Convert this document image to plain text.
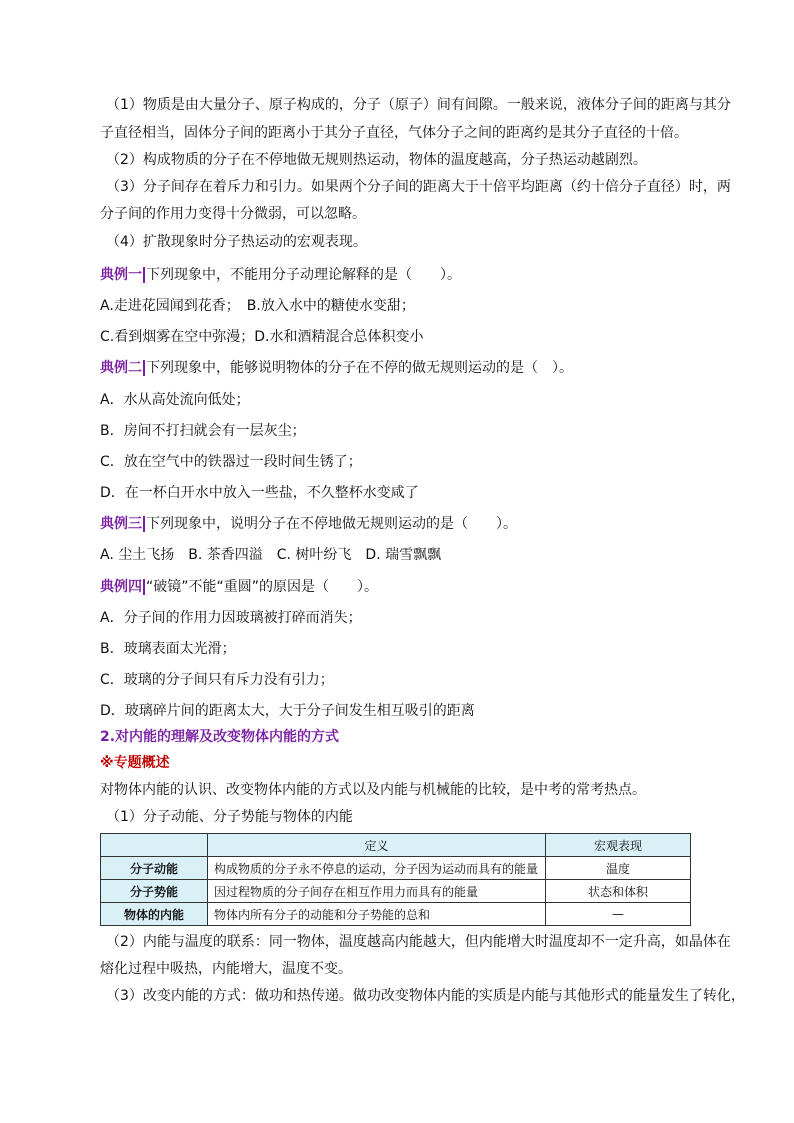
（1）物质是由大量分子、原子构成的，分子（原子）间有间隙。一般来说，液体分子间的距离与其分
子直径相当，固体分子间的距离小于其分子直径，气体分子之间的距离约是其分子直径的十倍。
（2）构成物质的分子在不停地做无规则热运动，物体的温度越高，分子热运动越剧烈。
（3）分子间存在着斥力和引力。如果两个分子间的距离大于十倍平均距离（约十倍分子直径）时，两
分子间的作用力变得十分微弱，可以忽略。
（4）扩散现象时分子热运动的宏观表现。
典例一 下列现象中，不能用分子动理论解释的是（　　）。
A.走进花园闻到花香；　B.放入水中的糖使水变甜；
C.看到烟雾在空中弥漫；D.水和酒精混合总体积变小
典例二 下列现象中，能够说明物体的分子在不停的做无规则运动的是（　）。
A．水从高处流向低处；
B．房间不打扫就会有一层灰尘；
C．放在空气中的铁器过一段时间生锈了；
D．在一杯白开水中放入一些盐，不久整杯水变咸了
典例三 下列现象中，说明分子在不停地做无规则运动的是（　　）。
A. 尘土飞扬　B. 茶香四溢　C. 树叶纷飞　D. 瑞雪飘飘
典例四 “破镜”不能“重圆”的原因是（　　）。
A．分子间的作用力因玻璃被打碎而消失；
B．玻璃表面太光滑；
C．玻璃的分子间只有斥力没有引力；
D．玻璃碎片间的距离太大，大于分子间发生相互吸引的距离
2.对内能的理解及改变物体内能的方式
※专题概述
对物体内能的认识、改变物体内能的方式以及内能与机械能的比较，是中考的常考热点。
（1）分子动能、分子势能与物体的内能
	定义	宏观表现
分子动能	构成物质的分子永不停息的运动，分子因为运动而具有的能量	温度
分子势能	因过程物质的分子间存在相互作用力而具有的能量	状态和体积
物体的内能	物体内所有分子的动能和分子势能的总和	—
（2）内能与温度的联系：同一物体，温度越高内能越大，但内能增大时温度却不一定升高，如晶体在
熔化过程中吸热，内能增大，温度不变。
（3）改变内能的方式：做功和热传递。做功改变物体内能的实质是内能与其他形式的能量发生了转化，
